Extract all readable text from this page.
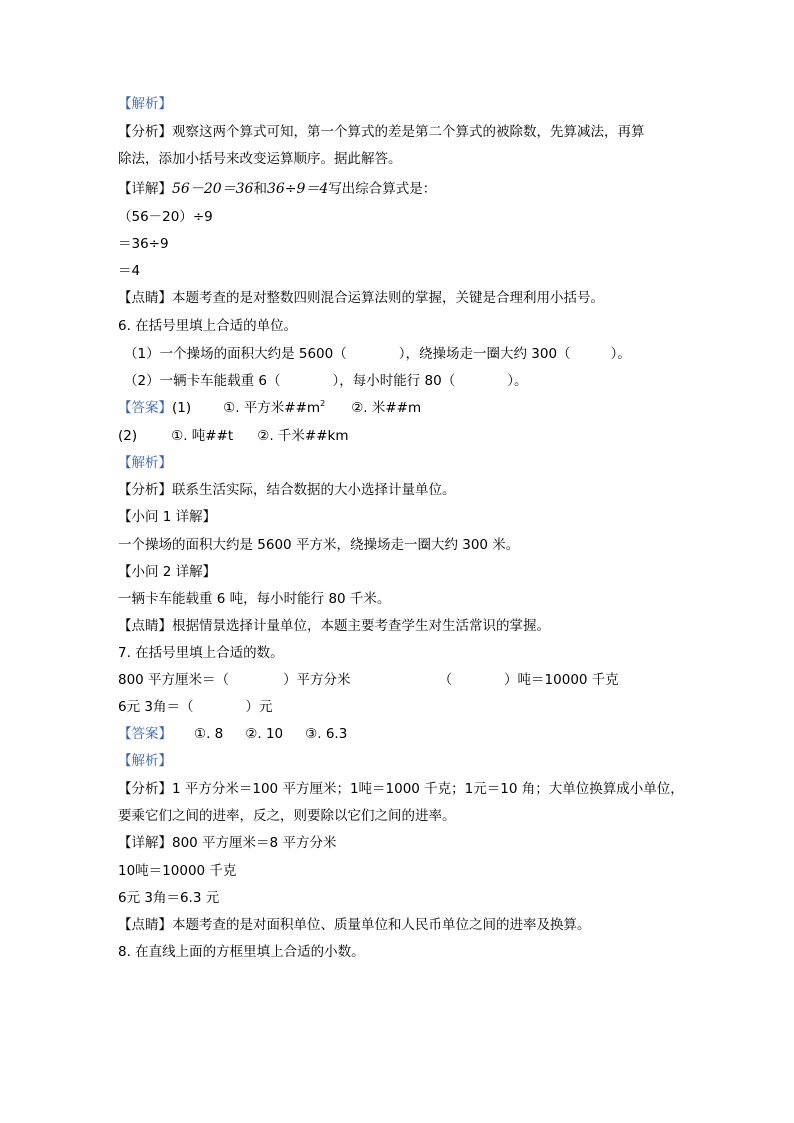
【解析】
【分析】观察这两个算式可知，第一个算式的差是第二个算式的被除数，先算减法，再算
除法，添加小括号来改变运算顺序。据此解答。
【详解】56－20＝36和36÷9＝4写出综合算式是：
（56－20）÷9
＝36÷9
＝4
【点睛】本题考查的是对整数四则混合运算法则的掌握，关键是合理利用小括号。
6. 在括号里填上合适的单位。
（1）一个操场的面积大约是 5600（	），绕操场走一圈大约 300（	）。
（2）一辆卡车能载重 6（	），每小时能行 80（	）。
【答案】(1) ①. 平方米$\#\#m^2$ ②. 米##m
(2)	①. 吨##t ②. 千米##km
【解析】
【分析】联系生活实际，结合数据的大小选择计量单位。
【小问 1 详解】
一个操场的面积大约是 5600 平方米，绕操场走一圈大约 300 米。
【小问 2 详解】
一辆卡车能载重 6 吨，每小时能行 80 千米。
【点睛】根据情景选择计量单位，本题主要考查学生对生活常识的掌握。
7. 在括号里填上合适的数。
800 平方厘米＝（	）平方分米	（	）吨＝10000 千克
6元 3角＝（	）元
【答案】 ①. 8 ②. 10 ③. 6.3
【解析】
【分析】1 平方分米＝100 平方厘米；1吨＝1000 千克；1元＝10 角；大单位换算成小单位，
要乘它们之间的进率，反之，则要除以它们之间的进率。
【详解】800 平方厘米＝8 平方分米
10吨＝10000 千克
6元 3角＝6.3 元
【点睛】本题考查的是对面积单位、质量单位和人民币单位之间的进率及换算。
8. 在直线上面的方框里填上合适的小数。
